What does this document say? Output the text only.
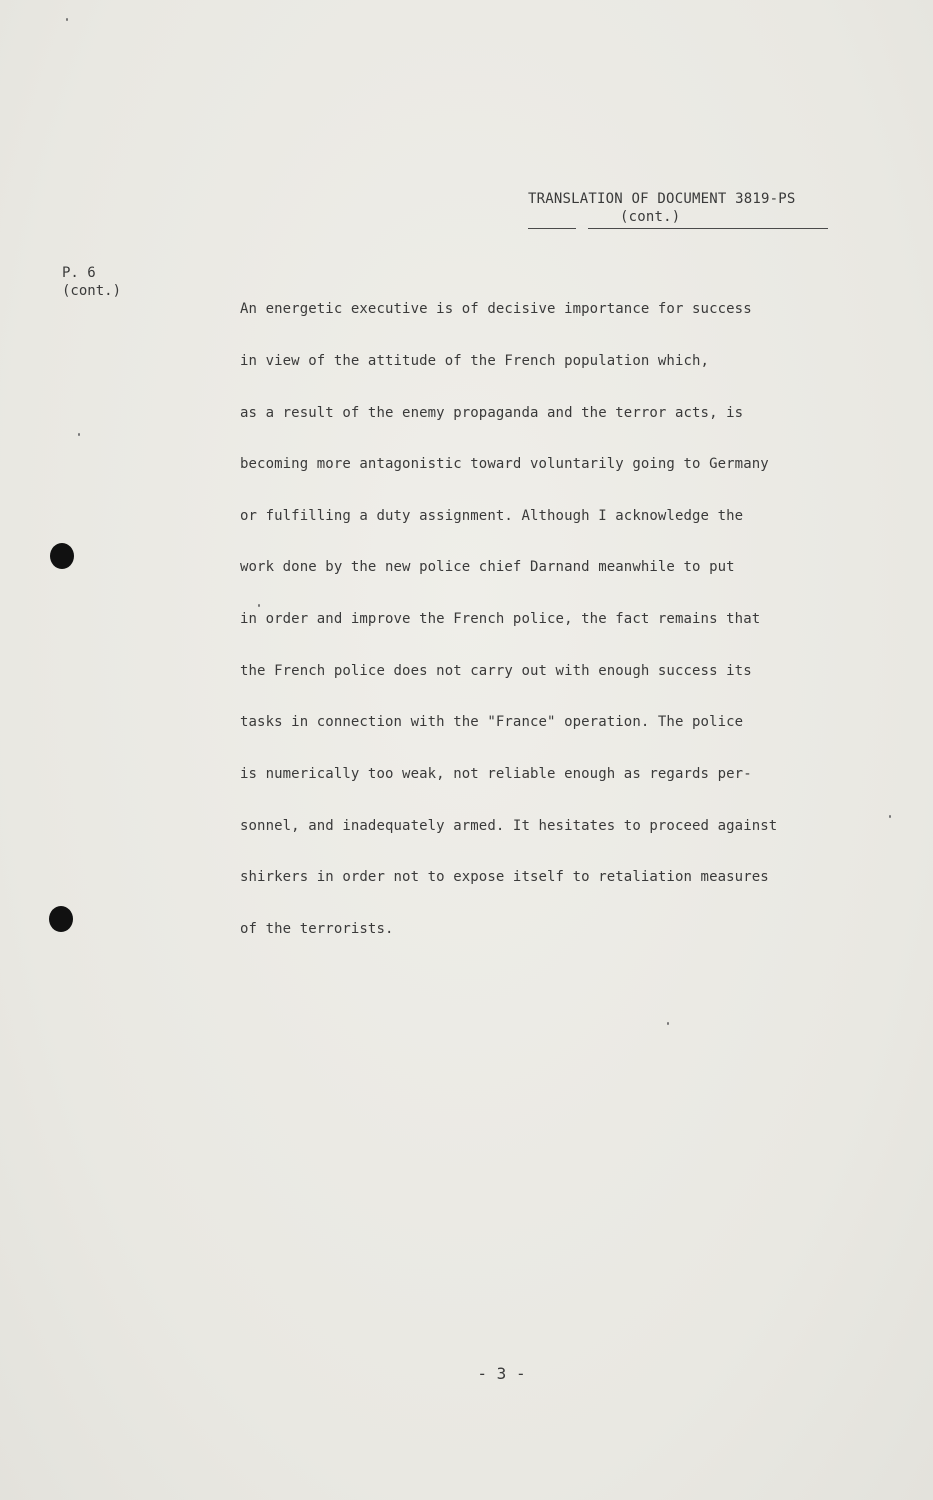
TRANSLATION OF DOCUMENT 3819-PS
(cont.)
P. 6
(cont.)

An energetic executive is of decisive importance for success

in view of the attitude of the French population which,

as a result of the enemy propaganda and the terror acts, is

becoming more antagonistic toward voluntarily going to Germany

or fulfilling a duty assignment. Although I acknowledge the

work done by the new police chief Darnand meanwhile to put

in order and improve the French police, the fact remains that

the French police does not carry out with enough success its

tasks in connection with the "France" operation. The police

is numerically too weak, not reliable enough as regards per-

sonnel, and inadequately armed. It hesitates to proceed against

shirkers in order not to expose itself to retaliation measures

of the terrorists.

- 3 -
